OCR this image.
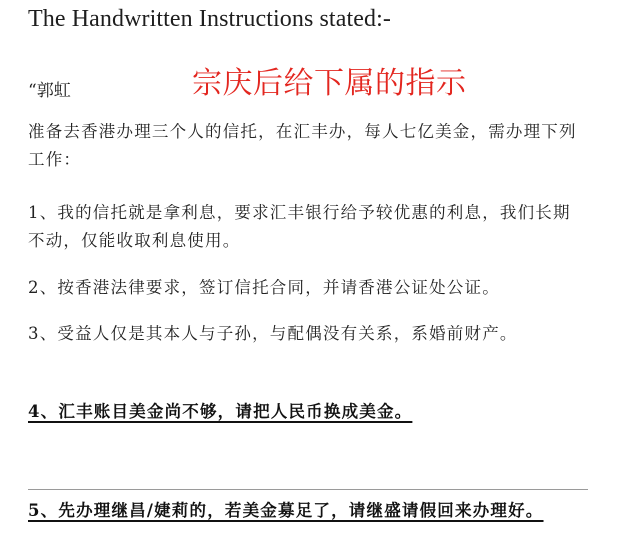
The Handwritten Instructions stated:-
“郭虹	宗庆后给下属的指示
准备去香港办理三个人的信托，在汇丰办，每人七亿美金，需办理下列工作：
1、我的信托就是拿利息，要求汇丰银行给予较优惠的利息，我们长期不动，仅能收取利息使用。
2、按香港法律要求，签订信托合同，并请香港公证处公证。
3、受益人仅是其本人与子孙，与配偶没有关系，系婚前财产。
4、汇丰账目美金尚不够，请把人民币换成美金。
5、先办理继昌/婕莉的，若美金募足了，请继盛请假回来办理好。
